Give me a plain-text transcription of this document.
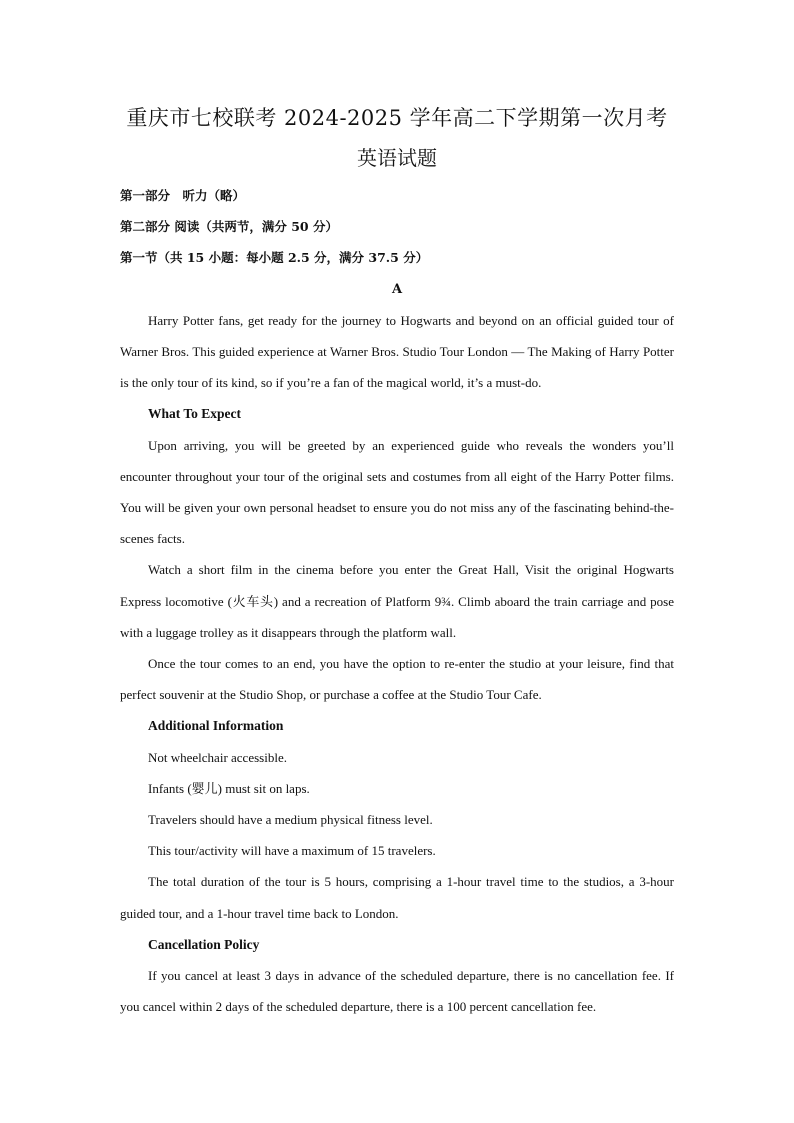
重庆市七校联考 2024-2025 学年高二下学期第一次月考
英语试题

第一部分　听力（略）

第二部分 阅读（共两节，满分 50 分）

第一节（共 15 小题：每小题 2.5 分，满分 37.5 分）

A

Harry Potter fans, get ready for the journey to Hogwarts and beyond on an official guided tour of Warner Bros. This guided experience at Warner Bros. Studio Tour London — The Making of Harry Potter is the only tour of its kind, so if you’re a fan of the magical world, it’s a must-do.

What To Expect

Upon arriving, you will be greeted by an experienced guide who reveals the wonders you’ll encounter throughout your tour of the original sets and costumes from all eight of the Harry Potter films. You will be given your own personal headset to ensure you do not miss any of the fascinating behind-the-scenes facts.

Watch a short film in the cinema before you enter the Great Hall, Visit the original Hogwarts Express locomotive (火车头) and a recreation of Platform 9¾. Climb aboard the train carriage and pose with a luggage trolley as it disappears through the platform wall.

Once the tour comes to an end, you have the option to re-enter the studio at your leisure, find that perfect souvenir at the Studio Shop, or purchase a coffee at the Studio Tour Cafe.

Additional Information

Not wheelchair accessible.

Infants (婴儿) must sit on laps.

Travelers should have a medium physical fitness level.

This tour/activity will have a maximum of 15 travelers.

The total duration of the tour is 5 hours, comprising a 1-hour travel time to the studios, a 3-hour guided tour, and a 1-hour travel time back to London.

Cancellation Policy

If you cancel at least 3 days in advance of the scheduled departure, there is no cancellation fee. If you cancel within 2 days of the scheduled departure, there is a 100 percent cancellation fee.
